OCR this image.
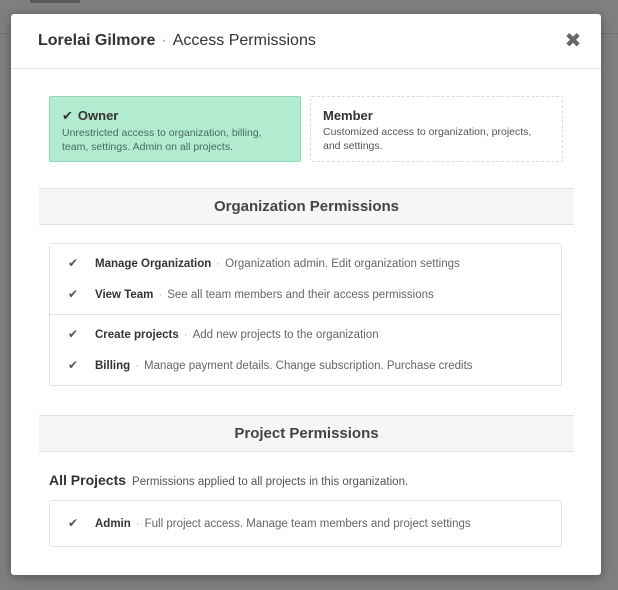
Lorelai Gilmore · Access Permissions	✖
✔ Owner
Unrestricted access to organization, billing, team, settings. Admin on all projects.
Member
Customized access to organization, projects, and settings.
Organization Permissions
✔ Manage Organization · Organization admin. Edit organization settings
✔ View Team · See all team members and their access permissions
✔ Create projects · Add new projects to the organization
✔ Billing · Manage payment details. Change subscription. Purchase credits
Project Permissions
All Projects Permissions applied to all projects in this organization.
✔ Admin · Full project access. Manage team members and project settings
